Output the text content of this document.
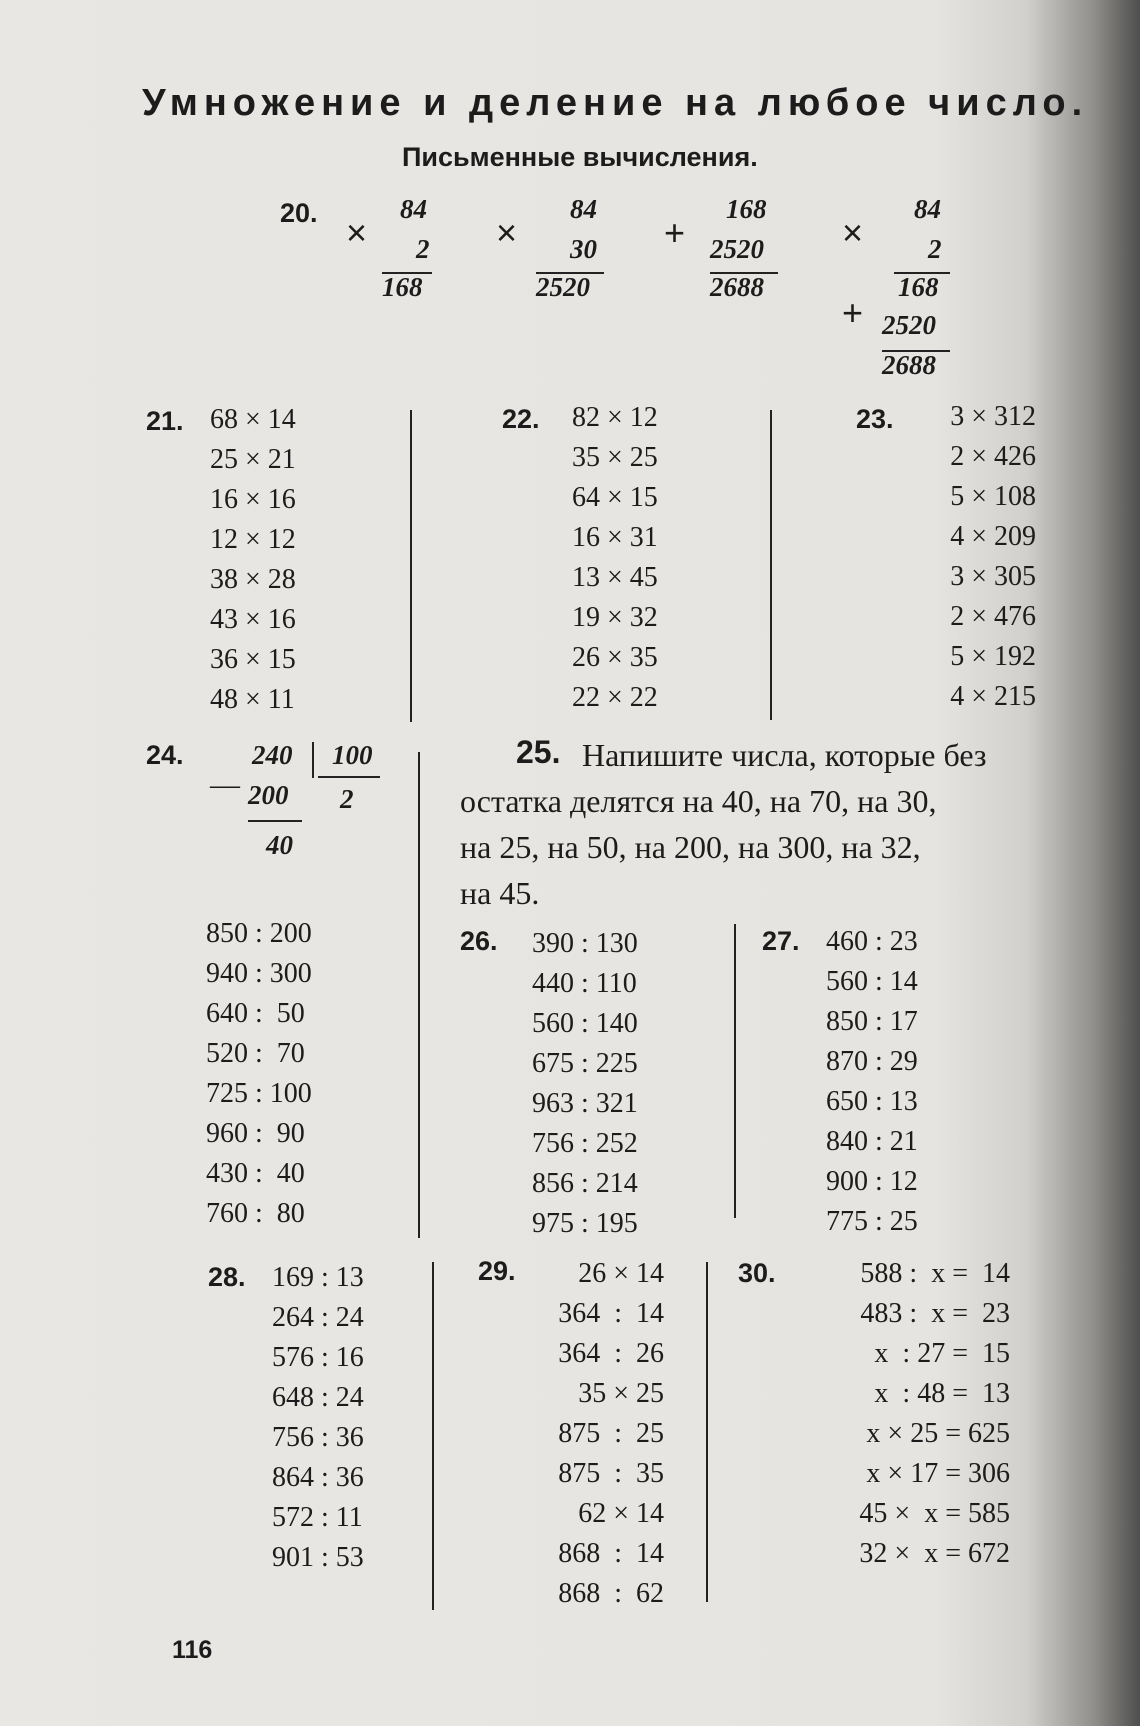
Умножение и деление на любое число.
Письменные вычисления.
20. ×
84
2
168
×
84
30
2520
+
168
2520
2688
×
84
2
168
+ 2520
2688
21. 68 × 14
25 × 21
16 × 16
12 × 12
38 × 28
43 × 16
36 × 15
48 × 11
22. 82 × 12
35 × 25
64 × 15
16 × 31
13 × 45
19 × 32
26 × 35
22 × 22
23. 3 × 312
2 × 426
5 × 108
4 × 209
3 × 305
2 × 476
5 × 192
4 × 215
24.
—
240 100
200 2
40
850 : 200
940 : 300
640 :  50
520 :  70
725 : 100
960 :  90
430 :  40
760 :  80
25. Напишите числа, которые без
остатка делятся на 40, на 70, на 30,
на 25, на 50, на 200, на 300, на 32,
на 45.
26. 390 : 130
440 : 110
560 : 140
675 : 225
963 : 321
756 : 252
856 : 214
975 : 195
27. 460 : 23
560 : 14
850 : 17
870 : 29
650 : 13
840 : 21
900 : 12
775 : 25
28. 169 : 13
264 : 24
576 : 16
648 : 24
756 : 36
864 : 36
572 : 11
901 : 53
29. 26 × 14
364  :  14
364  :  26
35 × 25
875  :  25
875  :  35
62 × 14
868  :  14
868  :  62
30.	588 :  x =  14
483 :  x =  23
x  : 27 =  15
x  : 48 =  13
x × 25 = 625
x × 17 = 306
45 ×  x = 585
32 ×  x = 672
116
